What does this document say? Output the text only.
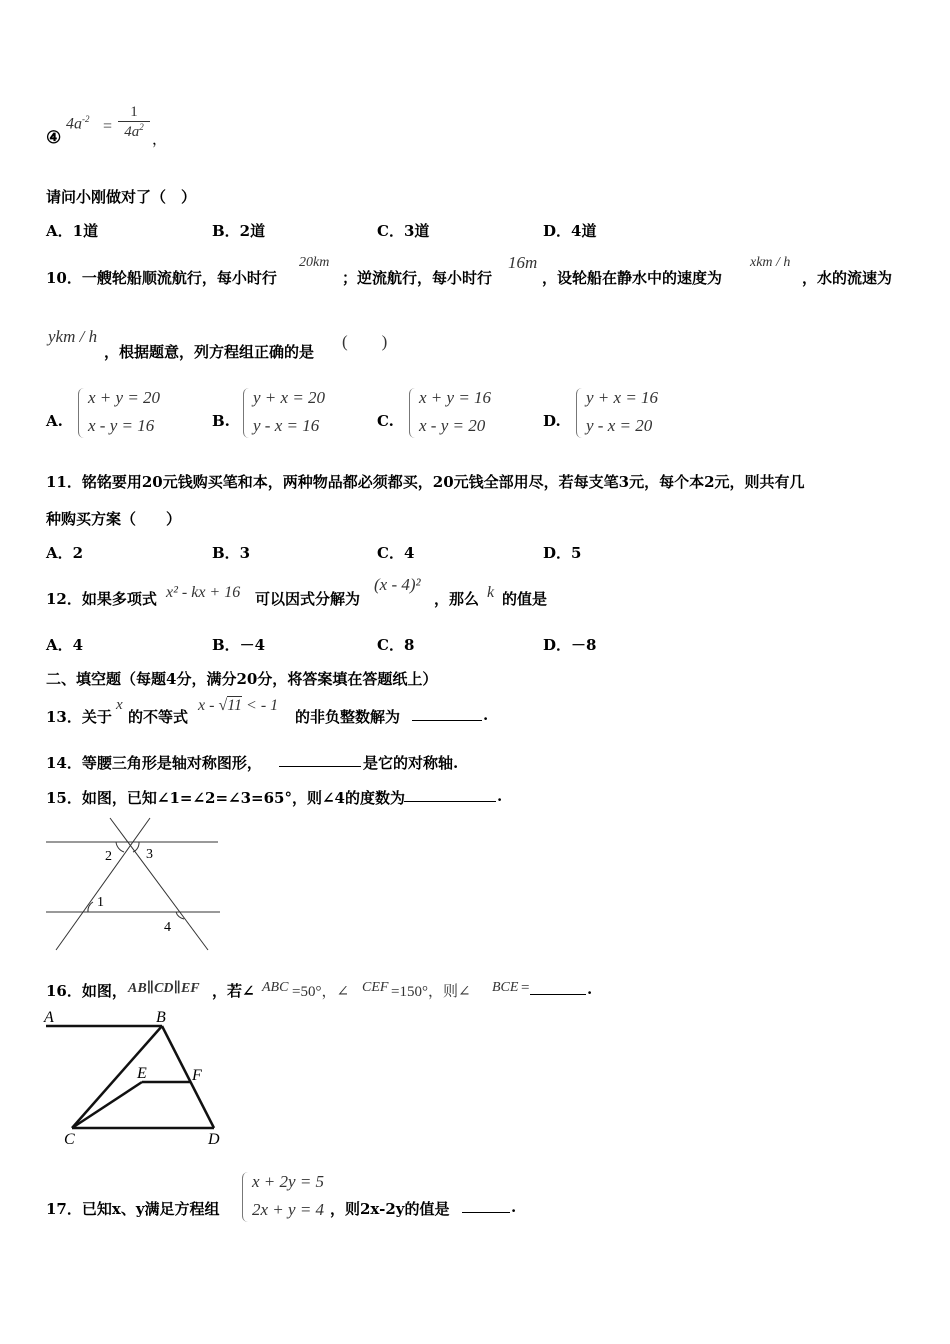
④
$4a^{-2}$ =
1
$4a^2$
，
请问小刚做对了（　）
A．1道	B．2道	C．3道	D．4道
10．一艘轮船顺流航行，每小时行
20km
；逆流航行，每小时行
16m
，设轮船在静水中的速度为
xkm / h
，水的流速为
ykm / h
，根据题意，列方程组正确的是
(　　)
A.
x + y = 20
x - y = 16	B.
y + x = 20
y - x = 16	C.
x + y = 16
x - y = 20	D.
y + x = 16
y - x = 20
11．铭铭要用20元钱购买笔和本，两种物品都必须都买，20元钱全部用尽，若每支笔3元，每个本2元，则共有几
种购买方案（　　）
A．2	B．3	C．4	D．5
12．如果多项式 x² - kx + 16 可以因式分解为
(x - 4)²
，那么 k 的值是
A．4	B．－4	C．8	D．－8
二、填空题（每题4分，满分20分，将答案填在答题纸上）
13．关于
x
的不等式
x - √11 < - 1
的非负整数解为	.
14．等腰三角形是轴对称图形，	是它的对称轴.
15．如图，已知∠1=∠2=∠3=65°，则∠4的度数为	.
2 3
1
4
16．如图， AB∥CD∥EF ，若∠ ABC =50°，∠ CEF =150°，则∠ BCE =	.
A	B
E	F
C	D
17．已知x、y满足方程组
x + 2y = 5
2x + y = 4 ，则2x-2y的值是	.
